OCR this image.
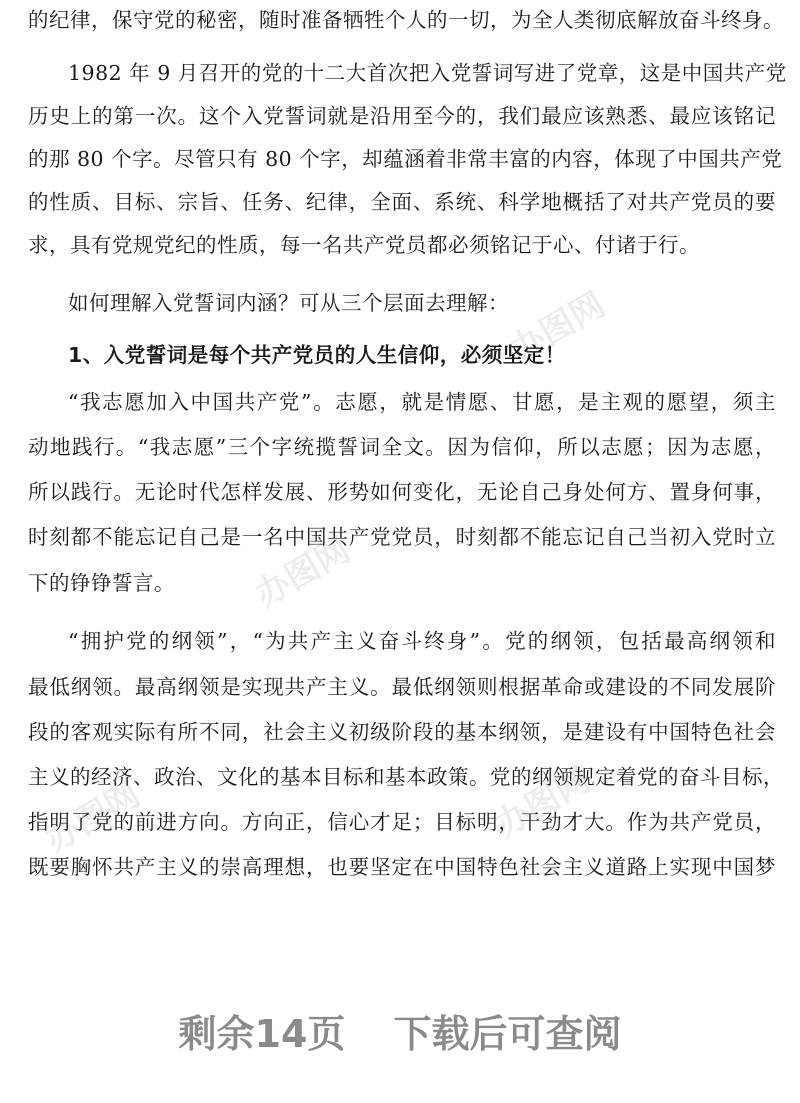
办图网
办图网
办图网	办图网
的纪律，保守党的秘密，随时准备牺牲个人的一切，为全人类彻底解放奋斗终身。
1982 年 9 月召开的党的十二大首次把入党誓词写进了党章，这是中国共产党
历史上的第一次。这个入党誓词就是沿用至今的，我们最应该熟悉、最应该铭记
的那 80 个字。尽管只有 80 个字，却蕴涵着非常丰富的内容，体现了中国共产党
的性质、目标、宗旨、任务、纪律，全面、系统、科学地概括了对共产党员的要
求，具有党规党纪的性质，每一名共产党员都必须铭记于心、付诸于行。
如何理解入党誓词内涵？可从三个层面去理解：
1、入党誓词是每个共产党员的人生信仰，必须坚定！
“我志愿加入中国共产党”。志愿，就是情愿、甘愿，是主观的愿望，须主
动地践行。“我志愿”三个字统揽誓词全文。因为信仰，所以志愿；因为志愿，
所以践行。无论时代怎样发展、形势如何变化，无论自己身处何方、置身何事，
时刻都不能忘记自己是一名中国共产党党员，时刻都不能忘记自己当初入党时立
下的铮铮誓言。
“拥护党的纲领”，“为共产主义奋斗终身”。党的纲领，包括最高纲领和
最低纲领。最高纲领是实现共产主义。最低纲领则根据革命或建设的不同发展阶
段的客观实际有所不同，社会主义初级阶段的基本纲领，是建设有中国特色社会
主义的经济、政治、文化的基本目标和基本政策。党的纲领规定着党的奋斗目标，
指明了党的前进方向。方向正，信心才足；目标明，干劲才大。作为共产党员，
既要胸怀共产主义的崇高理想，也要坚定在中国特色社会主义道路上实现中国梦
剩余14页 下载后可查阅
